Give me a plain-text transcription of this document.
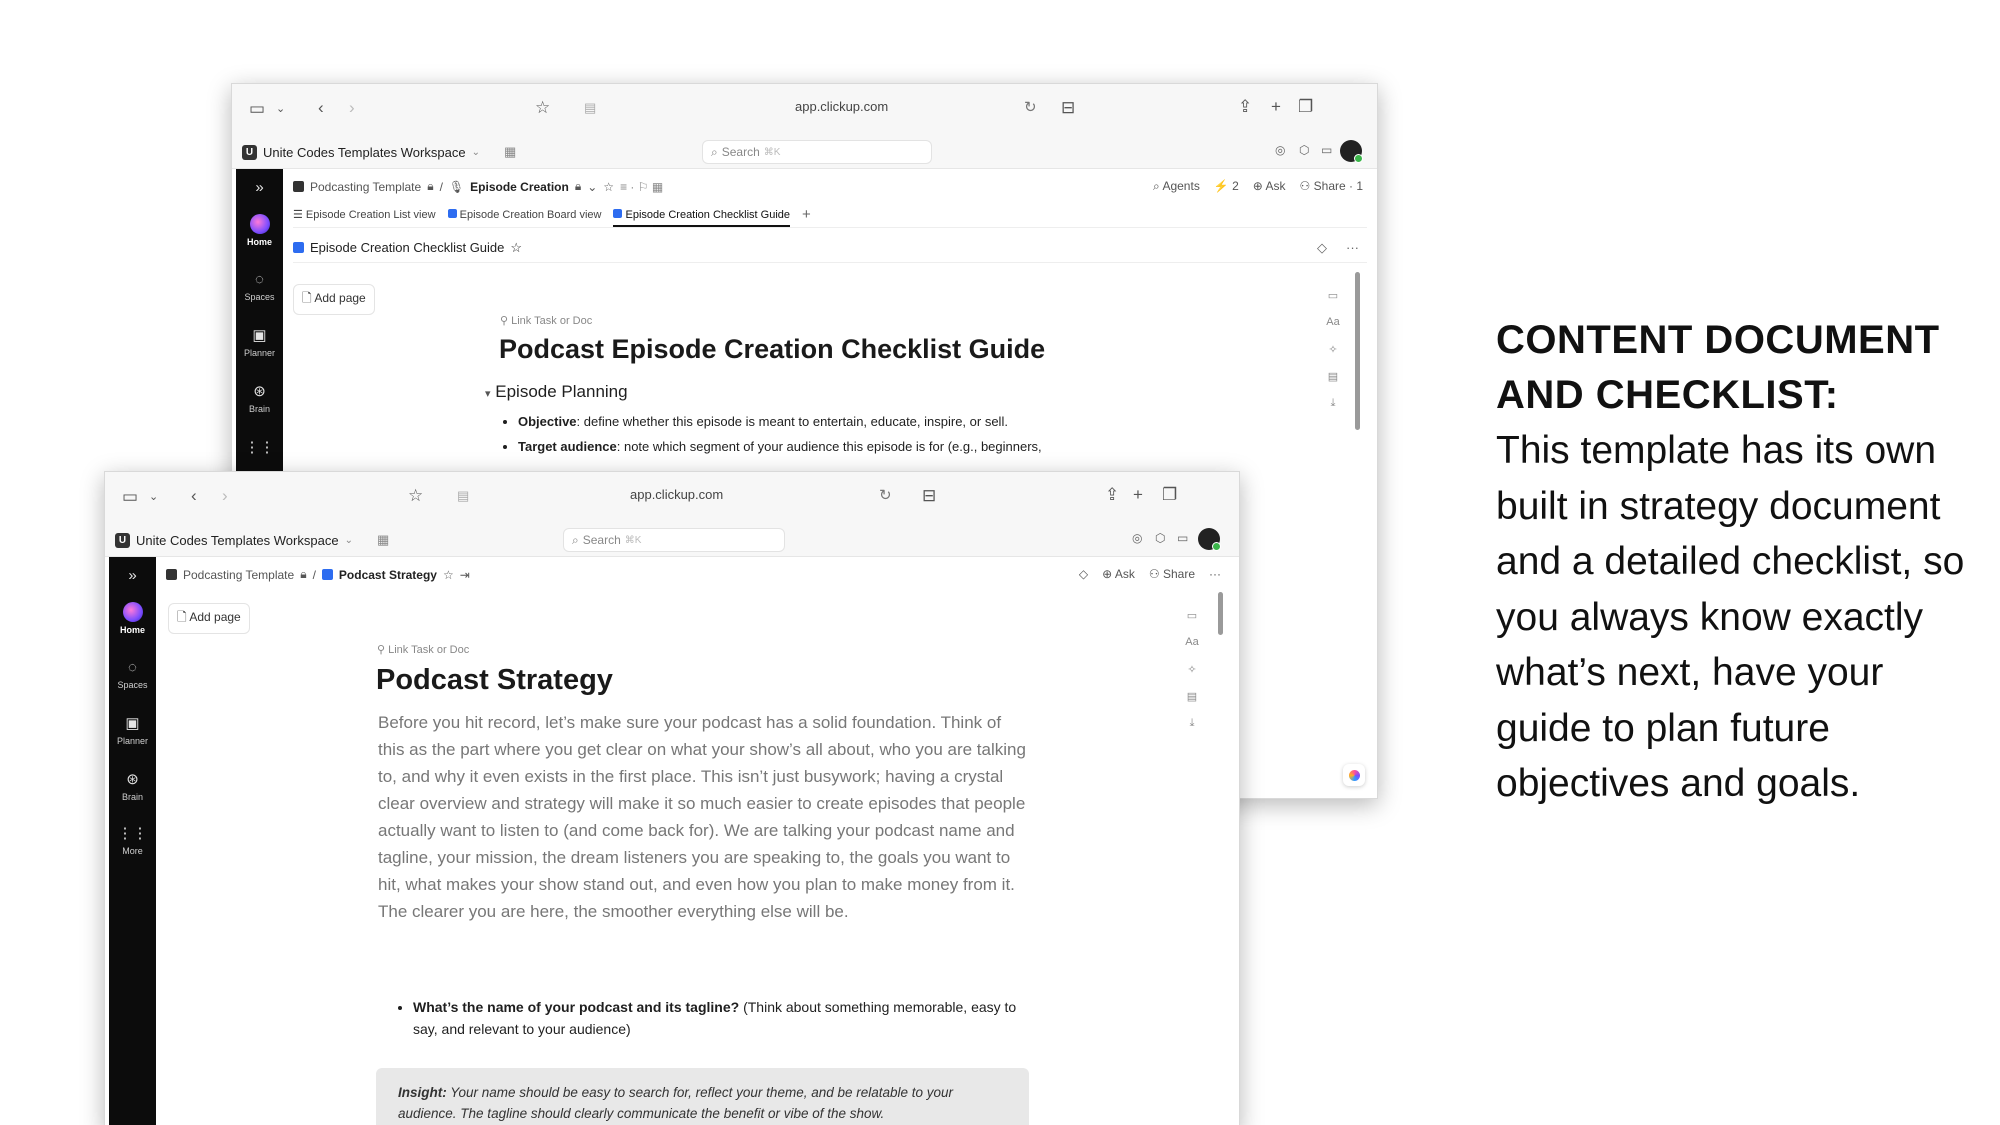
▭ ⌄ ‹ ›	☆	▤	app.clickup.com	↻ ⊟	⇪ + ❐
U Unite Codes Templates Workspace ⌄ ▦	⌕ Search ⌘K	◎ ⬡ ▭
»
Home
◌
Spaces
▣
Planner
⊛
Brain
⋮⋮
Podcasting Template 🔒︎ / 🎙︎ Episode Creation 🔒︎ ⌄ ☆ ≡ · ⚐ ▦	⌕ Agents ⚡ 2 ⊕ Ask ⚇ Share · 1
☰ Episode Creation List view	Episode Creation Board view	Episode Creation Checklist Guide +
Episode Creation Checklist Guide ☆	◇ ···
🗋︎ Add page
⚲ Link Task or Doc
Podcast Episode Creation Checklist Guide
▾ Episode Planning
• Objective: define whether this episode is meant to entertain, educate, inspire, or sell.
• Target audience: note which segment of your audience this episode is for (e.g., beginners,
▭
Aa
✧
▤
⤓
▭ ⌄ ‹ ›	☆	▤	app.clickup.com	↻ ⊟	⇪ + ❐
U Unite Codes Templates Workspace ⌄ ▦	⌕ Search ⌘K	◎ ⬡ ▭
»
Home
◌
Spaces
▣
Planner
⊛
Brain
⋮⋮
More
Podcasting Template 🔒︎ / Podcast Strategy ☆ ⇥	◇ ⊕ Ask ⚇ Share ···
🗋︎ Add page
⚲ Link Task or Doc
Podcast Strategy

Before you hit record, let’s make sure your podcast has a solid foundation. Think of this as the part where you get clear on what your show’s all about, who you are talking to, and why it even exists in the first place. This isn’t just busywork; having a crystal clear overview and strategy will make it so much easier to create episodes that people actually want to listen to (and come back for). We are talking your podcast name and tagline, your mission, the dream listeners you are speaking to, the goals you want to hit, what makes your show stand out, and even how you plan to make money from it. The clearer you are here, the smoother everything else will be.

• What’s the name of your podcast and its tagline? (Think about something memorable, easy to say, and relevant to your audience)
Insight: Your name should be easy to search for, reflect your theme, and be relatable to your audience. The tagline should clearly communicate the benefit or vibe of the show.
▭
Aa
✧
▤
⤓
CONTENT DOCUMENT AND CHECKLIST:
This template has its own built in strategy document and a detailed checklist, so you always know exactly what’s next, have your guide to plan future objectives and goals.
